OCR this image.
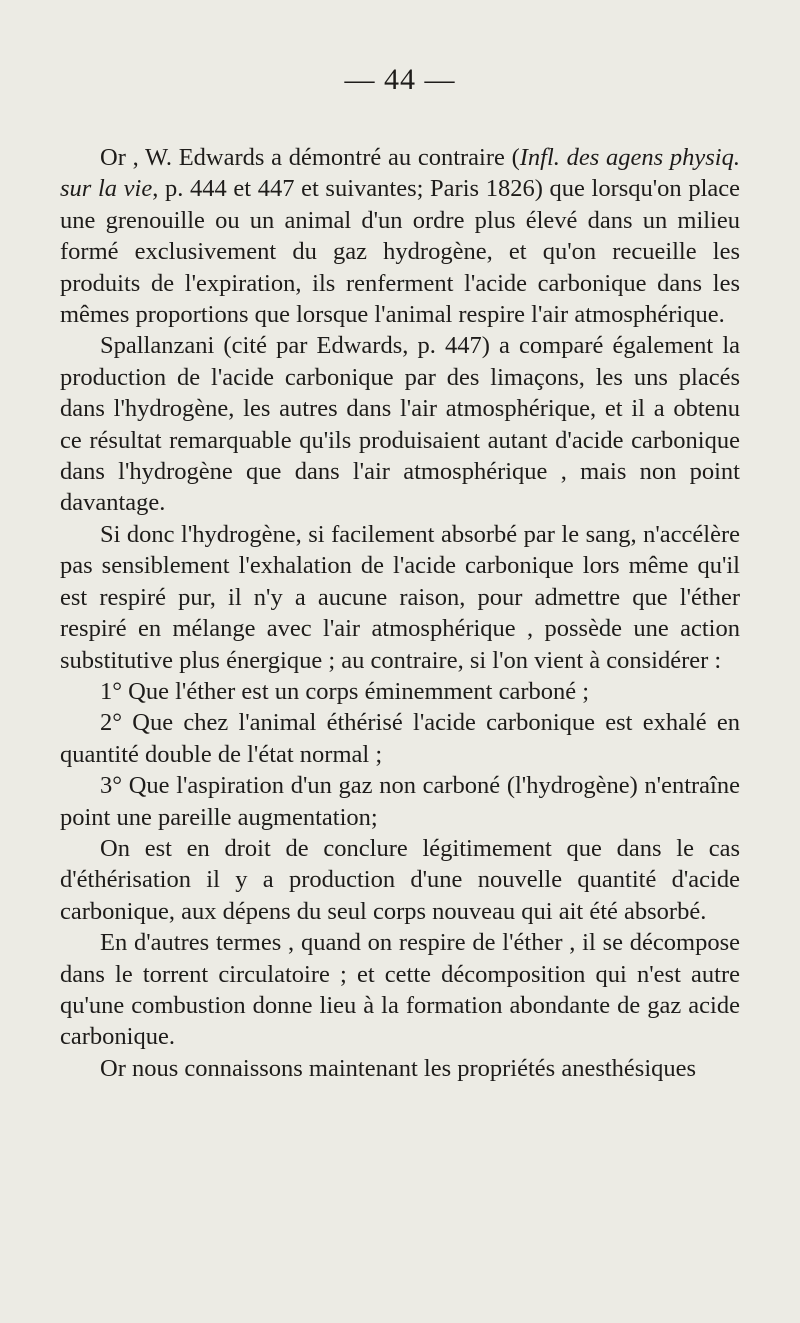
— 44 —

Or , W. Edwards a démontré au contraire (Infl. des agens physiq. sur la vie, p. 444 et 447 et suivantes; Paris 1826) que lorsqu'on place une grenouille ou un animal d'un ordre plus élevé dans un milieu formé exclusivement du gaz hydrogène, et qu'on recueille les produits de l'expiration, ils renferment l'acide carbonique dans les mêmes proportions que lorsque l'animal respire l'air atmosphérique.

Spallanzani (cité par Edwards, p. 447) a comparé également la production de l'acide carbonique par des limaçons, les uns placés dans l'hydrogène, les autres dans l'air atmosphérique, et il a obtenu ce résultat remarquable qu'ils produisaient autant d'acide carbonique dans l'hydrogène que dans l'air atmosphérique , mais non point davantage.

Si donc l'hydrogène, si facilement absorbé par le sang, n'accélère pas sensiblement l'exhalation de l'acide carbonique lors même qu'il est respiré pur, il n'y a aucune raison, pour admettre que l'éther respiré en mélange avec l'air atmosphérique , possède une action substitutive plus énergique ; au contraire, si l'on vient à considérer :

1° Que l'éther est un corps éminemment carboné ;

2° Que chez l'animal éthérisé l'acide carbonique est exhalé en quantité double de l'état normal ;

3° Que l'aspiration d'un gaz non carboné (l'hydrogène) n'entraîne point une pareille augmentation;

On est en droit de conclure légitimement que dans le cas d'éthérisation il y a production d'une nouvelle quantité d'acide carbonique, aux dépens du seul corps nouveau qui ait été absorbé.

En d'autres termes , quand on respire de l'éther , il se décompose dans le torrent circulatoire ; et cette décomposition qui n'est autre qu'une combustion donne lieu à la formation abondante de gaz acide carbonique.

Or nous connaissons maintenant les propriétés anesthésiques
